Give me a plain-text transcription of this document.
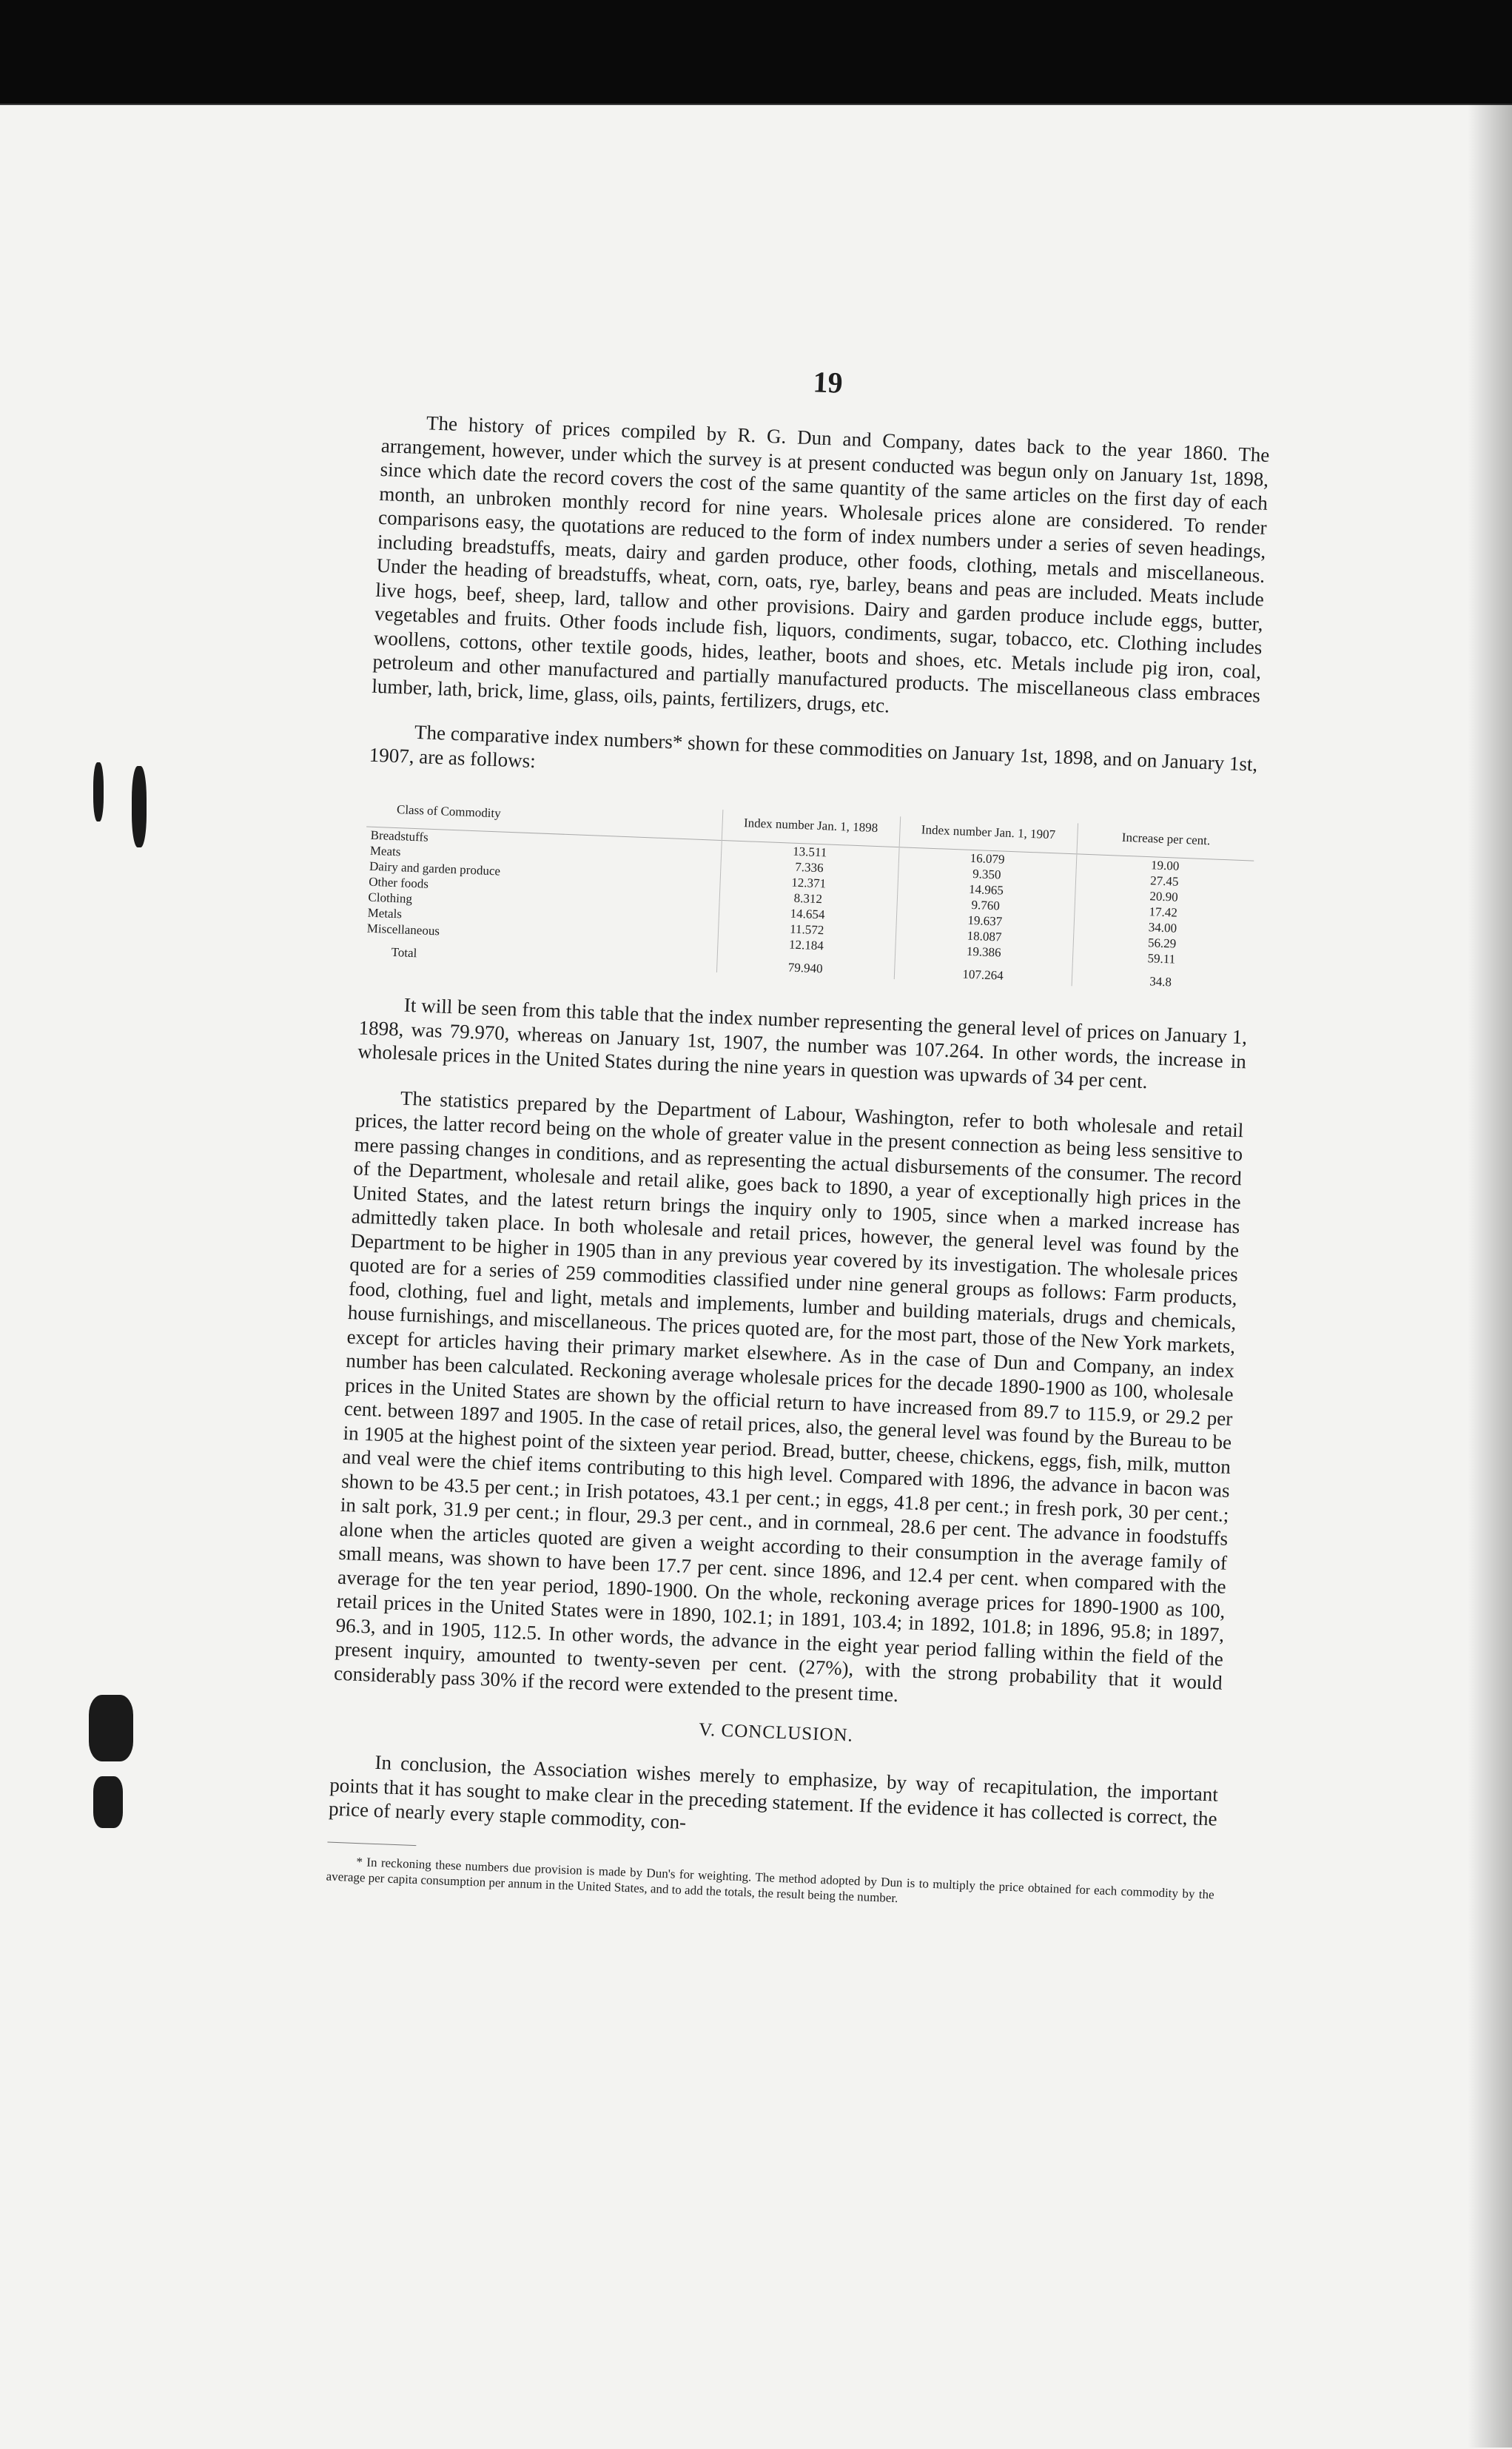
19

The history of prices compiled by R. G. Dun and Company, dates back to the year 1860. The arrangement, however, under which the survey is at present conducted was begun only on January 1st, 1898, since which date the record covers the cost of the same quantity of the same articles on the first day of each month, an unbroken monthly record for nine years. Wholesale prices alone are considered. To render comparisons easy, the quotations are reduced to the form of index numbers under a series of seven headings, including breadstuffs, meats, dairy and garden produce, other foods, clothing, metals and miscellaneous. Under the heading of breadstuffs, wheat, corn, oats, rye, barley, beans and peas are included. Meats include live hogs, beef, sheep, lard, tallow and other provisions. Dairy and garden produce include eggs, butter, vegetables and fruits. Other foods include fish, liquors, condiments, sugar, tobacco, etc. Clothing includes woollens, cottons, other textile goods, hides, leather, boots and shoes, etc. Metals include pig iron, coal, petroleum and other manufactured and partially manufactured products. The miscellaneous class embraces lumber, lath, brick, lime, glass, oils, paints, fertilizers, drugs, etc.

The comparative index numbers* shown for these commodities on January 1st, 1898, and on January 1st, 1907, are as follows:

Class of Commodity	Index number Jan. 1, 1898	Index number Jan. 1, 1907	Increase per cent.
Breadstuffs	13.511	16.079	19.00
Meats	7.336	9.350	27.45
Dairy and garden produce	12.371	14.965	20.90
Other foods	8.312	9.760	17.42
Clothing	14.654	19.637	34.00
Metals	11.572	18.087	56.29
Miscellaneous	12.184	19.386	59.11
Total	79.940	107.264	34.8

It will be seen from this table that the index number representing the general level of prices on January 1, 1898, was 79.970, whereas on January 1st, 1907, the number was 107.264. In other words, the increase in wholesale prices in the United States during the nine years in question was upwards of 34 per cent.

The statistics prepared by the Department of Labour, Washington, refer to both wholesale and retail prices, the latter record being on the whole of greater value in the present connection as being less sensitive to mere passing changes in conditions, and as representing the actual disbursements of the consumer. The record of the Department, wholesale and retail alike, goes back to 1890, a year of exceptionally high prices in the United States, and the latest return brings the inquiry only to 1905, since when a marked increase has admittedly taken place. In both wholesale and retail prices, however, the general level was found by the Department to be higher in 1905 than in any previous year covered by its investigation. The wholesale prices quoted are for a series of 259 commodities classified under nine general groups as follows: Farm products, food, clothing, fuel and light, metals and implements, lumber and building materials, drugs and chemicals, house furnishings, and miscellaneous. The prices quoted are, for the most part, those of the New York markets, except for articles having their primary market elsewhere. As in the case of Dun and Company, an index number has been calculated. Reckoning average wholesale prices for the decade 1890-1900 as 100, wholesale prices in the United States are shown by the official return to have increased from 89.7 to 115.9, or 29.2 per cent. between 1897 and 1905. In the case of retail prices, also, the general level was found by the Bureau to be in 1905 at the highest point of the sixteen year period. Bread, butter, cheese, chickens, eggs, fish, milk, mutton and veal were the chief items contributing to this high level. Compared with 1896, the advance in bacon was shown to be 43.5 per cent.; in Irish potatoes, 43.1 per cent.; in eggs, 41.8 per cent.; in fresh pork, 30 per cent.; in salt pork, 31.9 per cent.; in flour, 29.3 per cent., and in cornmeal, 28.6 per cent. The advance in foodstuffs alone when the articles quoted are given a weight according to their consumption in the average family of small means, was shown to have been 17.7 per cent. since 1896, and 12.4 per cent. when compared with the average for the ten year period, 1890-1900. On the whole, reckoning average prices for 1890-1900 as 100, retail prices in the United States were in 1890, 102.1; in 1891, 103.4; in 1892, 101.8; in 1896, 95.8; in 1897, 96.3, and in 1905, 112.5. In other words, the advance in the eight year period falling within the field of the present inquiry, amounted to twenty-seven per cent. (27%), with the strong probability that it would considerably pass 30% if the record were extended to the present time.

V. CONCLUSION.

In conclusion, the Association wishes merely to emphasize, by way of recapitulation, the important points that it has sought to make clear in the preceding statement. If the evidence it has collected is correct, the price of nearly every staple commodity, con-

* In reckoning these numbers due provision is made by Dun's for weighting. The method adopted by Dun is to multiply the price obtained for each commodity by the average per capita consumption per annum in the United States, and to add the totals, the result being the number.
